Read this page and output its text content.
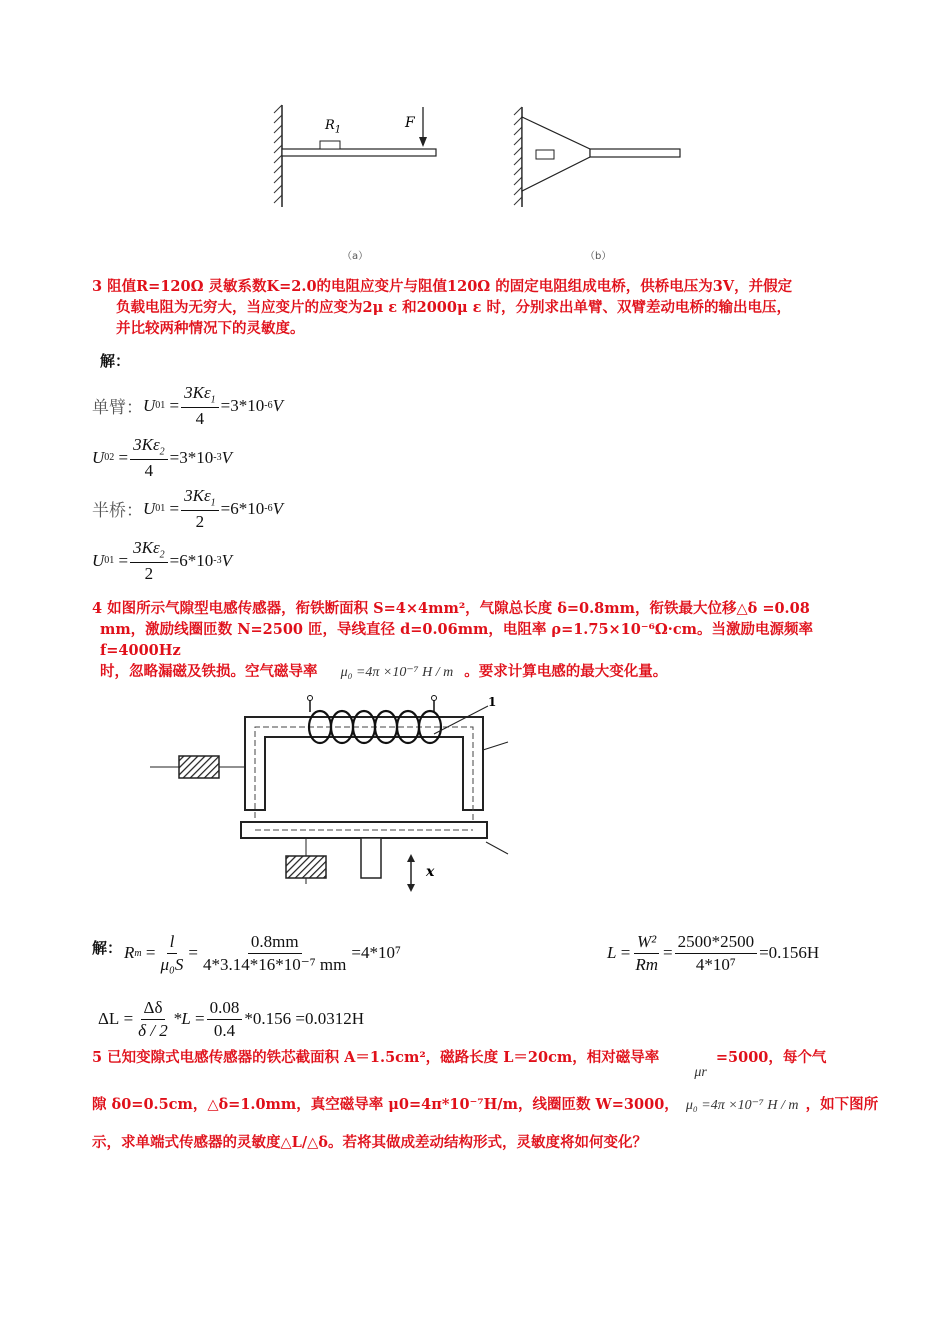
$R_1$	F
（a）	（b）
3 阻值R=120Ω 灵敏系数K=2.0的电阻应变片与阻值120Ω 的固定电阻组成电桥，供桥电压为3V，并假定
负载电阻为无穷大，当应变片的应变为2μ ε 和2000μ ε 时，分别求出单臂、双臂差动电桥的输出电压，
并比较两种情况下的灵敏度。
解：
单臂： U $01 = \frac{3K\varepsilon_1}{4} =3*10$ -6 V
U $02 = \frac{3K\varepsilon_2}{4} =3*10$ -3 V
半桥： U $01 = \frac{3K\varepsilon_1}{2} =6*10$ -6 V
U $01 = \frac{3K\varepsilon_2}{2} =6*10$ -3 V
4 如图所示气隙型电感传感器，衔铁断面积 S=4×4mm²，气隙总长度 δ=0.8mm，衔铁最大位移△δ =0.08
mm，激励线圈匝数 N=2500 匝，导线直径 d=0.06mm，电阻率 ρ=1.75×10⁻⁶Ω·cm。当激励电源频率 f=4000Hz
时，忽略漏磁及铁损。空气磁导率 μ₀ =4π ×10⁻⁷ H / m 。要求计算电感的最大变化量。
1
x
解： R $m = \frac{l}{\text{μ₀S}} = \frac{0.8mm}{\text{4*3.14*16*10⁻⁷ mm}} =4*10^7$	$L = \frac{\text{W²}}{Rm} = \frac{2500*2500}{\text{4*10⁷}} =0.156H$
$\Delta L = \frac{\Delta\delta}{\delta / 2} *L = \frac{0.08}{0.4} *0.156 =0.0312H$
5 已知变隙式电感传感器的铁芯截面积 A＝1.5cm²，磁路长度 L＝20cm，相对磁导率 μr =5000，每个气
隙 δ0=0.5cm，△δ=1.0mm，真空磁导率 μ0=4π*10⁻⁷H/m，线圈匝数 W=3000， μ₀ =4π ×10⁻⁷ H / m ，如下图所
示，求单端式传感器的灵敏度△L/△δ。若将其做成差动结构形式，灵敏度将如何变化？
